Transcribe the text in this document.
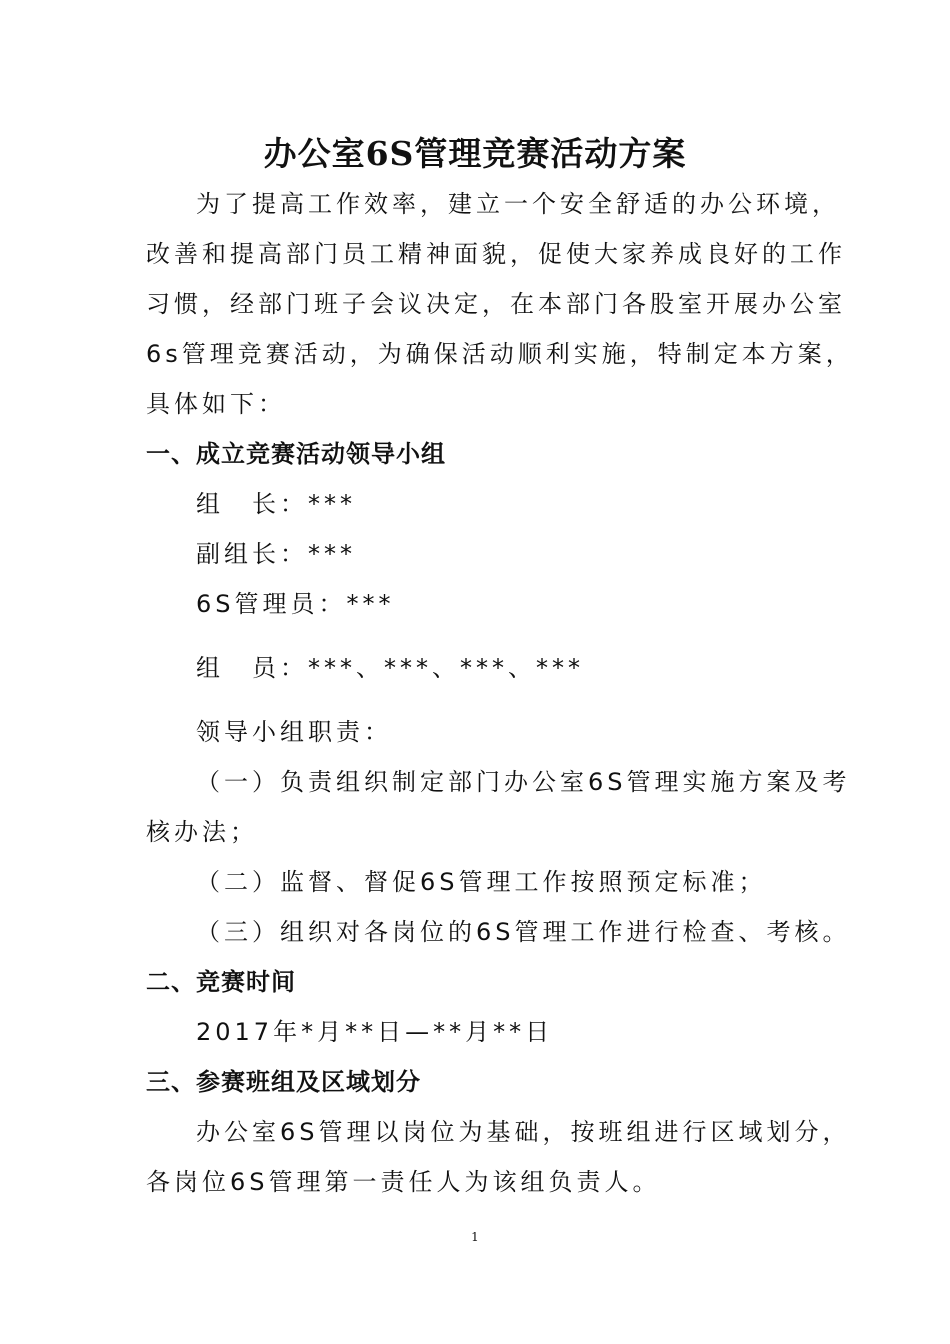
办公室6S管理竞赛活动方案
为了提高工作效率，建立一个安全舒适的办公环境，
改善和提高部门员工精神面貌，促使大家养成良好的工作
习惯，经部门班子会议决定，在本部门各股室开展办公室
6s管理竞赛活动，为确保活动顺利实施，特制定本方案，
具体如下：
一、成立竞赛活动领导小组
组　长：***
副组长：***
6S管理员：***
组　员：***、***、***、***
领导小组职责：
（一）负责组织制定部门办公室6S管理实施方案及考
核办法；
（二）监督、督促6S管理工作按照预定标准；
（三）组织对各岗位的6S管理工作进行检查、考核。
二、竞赛时间
2017年*月**日—**月**日
三、参赛班组及区域划分
办公室6S管理以岗位为基础，按班组进行区域划分，
各岗位6S管理第一责任人为该组负责人。
1
